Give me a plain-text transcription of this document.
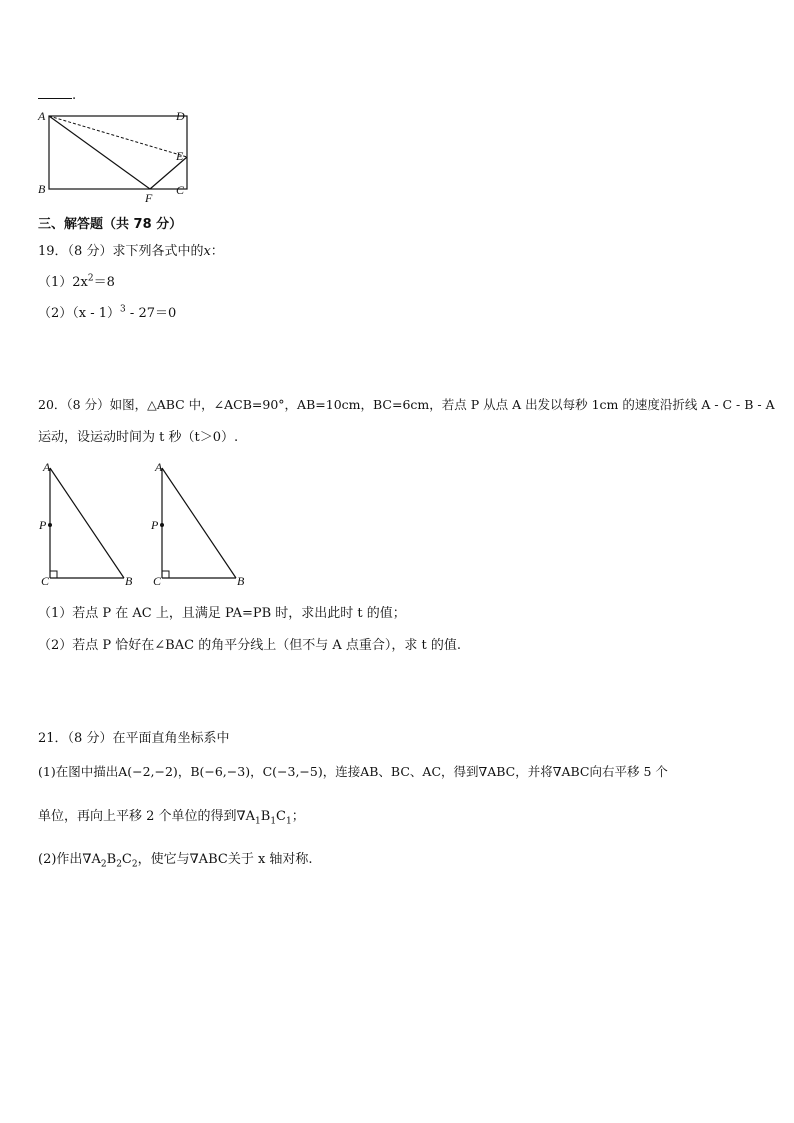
.
A
B	C
D
E
F
三、解答题（共 78 分）
19．（8 分）求下列各式中的x：
$(1)2x^2=8$
（2）（x - 1）$^3$ - 27＝0
20．（8 分）如图，△ABC 中，∠ACB=90°，AB=10cm，BC=6cm，若点 P 从点 A 出发以每秒 1cm 的速度沿折线 A - C - B - A
运动，设运动时间为 t 秒（t＞0）.
A
P
C	B
A
P
C	B
（1）若点 P 在 AC 上，且满足 PA=PB 时，求出此时 t 的值；
（2）若点 P 恰好在∠BAC 的角平分线上（但不与 A 点重合），求 t 的值.
21．（8 分）在平面直角坐标系中
(1)在图中描出A(−2,−2)，B(−6,−3)，C(−3,−5)，连接AB、BC、AC，得到∇ABC，并将∇ABC向右平移 5 个
单位，再向上平移 2 个单位的得到$\nabla A_1B_1C_1$；
(2)作出$\nabla A_2B_2C_2$，使它与∇ABC关于 x 轴对称.
